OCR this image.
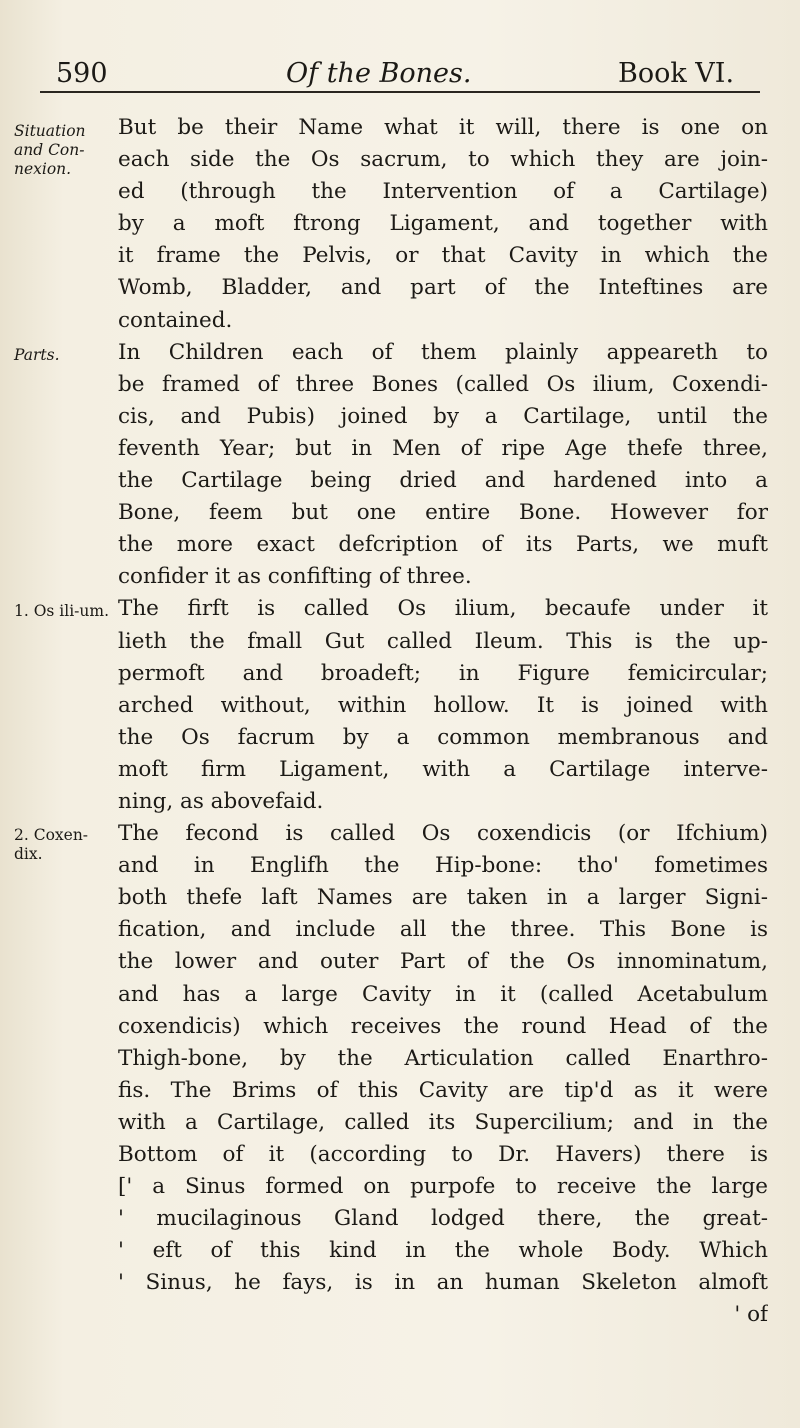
590	Of the Bones.	Book VI.
Situation and Con-nexion.
Parts.
1. Os ili-um.
2. Coxen-dix.
But be their Name what it will, there is one on
each side the Os sacrum, to which they are join-
ed (through the Intervention of a Cartilage)
by a moft ftrong Ligament, and together with
it frame the Pelvis, or that Cavity in which the
Womb, Bladder, and part of the Inteftines are
contained.
In Children each of them plainly appeareth to
be framed of three Bones (called Os ilium, Coxendi-
cis, and Pubis) joined by a Cartilage, until the
feventh Year; but in Men of ripe Age thefe three,
the Cartilage being dried and hardened into a
Bone, feem but one entire Bone. However for
the more exact defcription of its Parts, we muft
confider it as confifting of three.
The firft is called Os ilium, becaufe under it
lieth the fmall Gut called Ileum. This is the up-
permoft and broadeft; in Figure femicircular;
arched without, within hollow. It is joined with
the Os facrum by a common membranous and
moft firm Ligament, with a Cartilage interve-
ning, as abovefaid.
The fecond is called Os coxendicis (or Ifchium)
and in Englifh the Hip-bone: tho' fometimes
both thefe laft Names are taken in a larger Signi-
fication, and include all the three. This Bone is
the lower and outer Part of the Os innominatum,
and has a large Cavity in it (called Acetabulum
coxendicis) which receives the round Head of the
Thigh-bone, by the Articulation called Enarthro-
fis. The Brims of this Cavity are tip'd as it were
with a Cartilage, called its Supercilium; and in the
Bottom of it (according to Dr. Havers) there is
[' a Sinus formed on purpofe to receive the large
' mucilaginous Gland lodged there, the great-
' eft of this kind in the whole Body. Which
' Sinus, he fays, is in an human Skeleton almoft
' of
